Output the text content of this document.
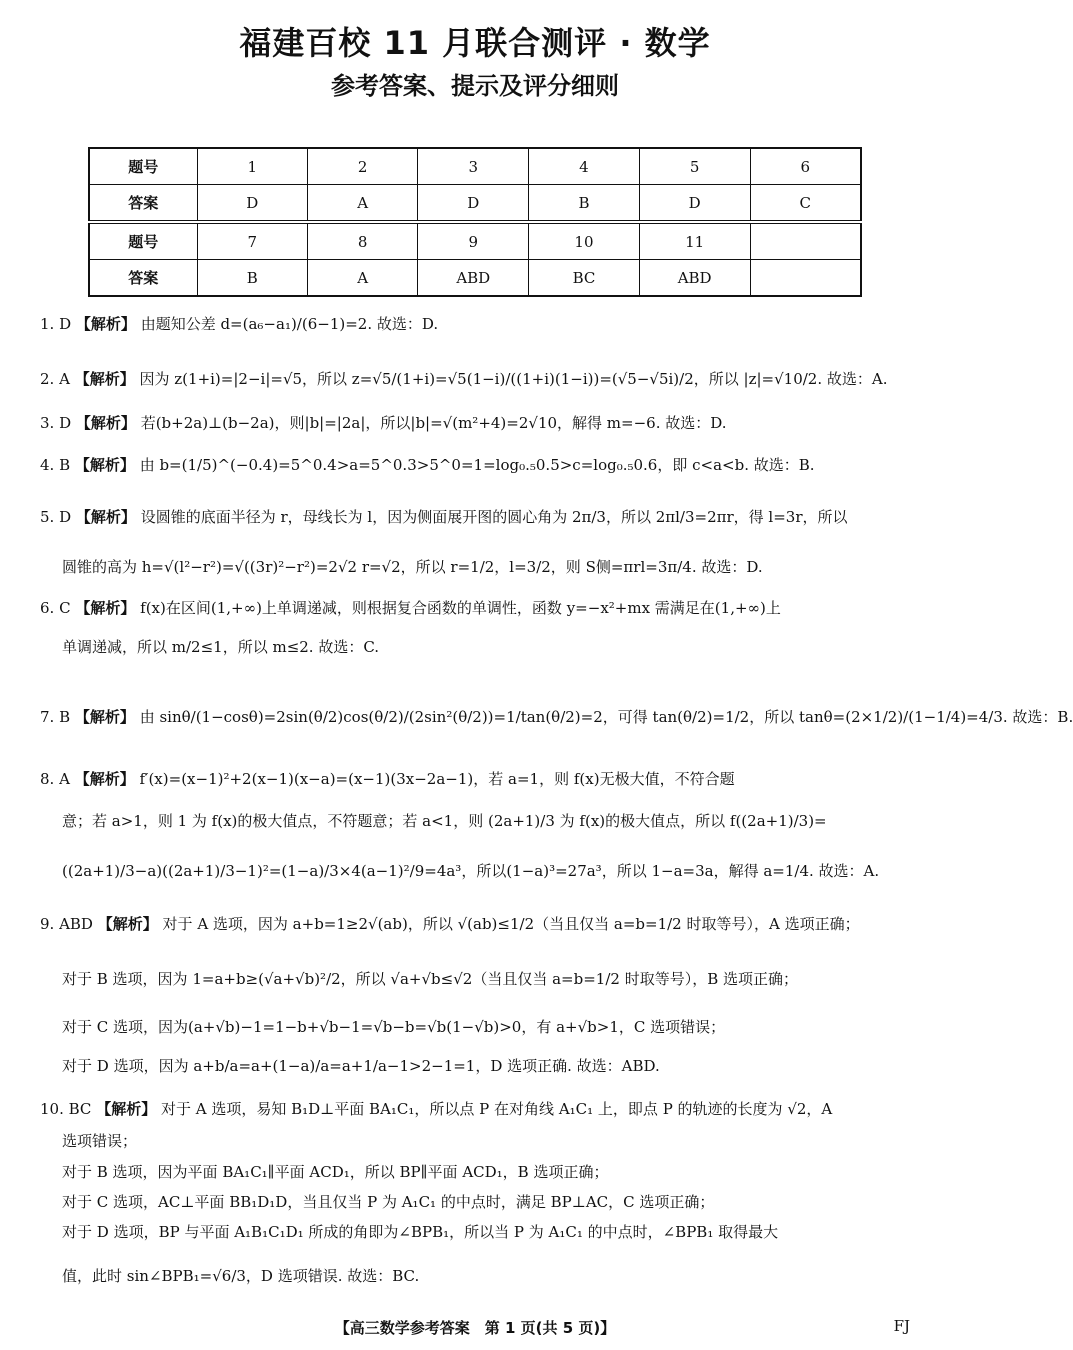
福建百校 11 月联合测评 · 数学
参考答案、提示及评分细则
题号	1	2	3	4	5	6
答案	D	A	D	B	D	C
题号	7	8	9	10	11	
答案	B	A	ABD	BC	ABD	
1. D 【解析】 由题知公差 d=(a₆−a₁)/(6−1)=2. 故选：D.
2. A 【解析】 因为 z(1+i)=|2−i|=√5，所以 z=√5/(1+i)=√5(1−i)/((1+i)(1−i))=(√5−√5i)/2，所以 |z|=√10/2. 故选：A.
3. D 【解析】 若(b+2a)⊥(b−2a)，则|b|=|2a|，所以|b|=√(m²+4)=2√10，解得 m=−6. 故选：D.
4. B 【解析】 由 b=(1/5)^(−0.4)=5^0.4>a=5^0.3>5^0=1=log₀.₅0.5>c=log₀.₅0.6，即 c<a<b. 故选：B.
5. D 【解析】 设圆锥的底面半径为 r，母线长为 l，因为侧面展开图的圆心角为 2π/3，所以 2πl/3=2πr，得 l=3r，所以
圆锥的高为 h=√(l²−r²)=√((3r)²−r²)=2√2 r=√2，所以 r=1/2，l=3/2，则 S侧=πrl=3π/4. 故选：D.
6. C 【解析】 f(x)在区间(1,+∞)上单调递减，则根据复合函数的单调性，函数 y=−x²+mx 需满足在(1,+∞)上
单调递减，所以 m/2≤1，所以 m≤2. 故选：C.
7. B 【解析】 由 sinθ/(1−cosθ)=2sin(θ/2)cos(θ/2)/(2sin²(θ/2))=1/tan(θ/2)=2，可得 tan(θ/2)=1/2，所以 tanθ=(2×1/2)/(1−1/4)=4/3. 故选：B.
8. A 【解析】 f′(x)=(x−1)²+2(x−1)(x−a)=(x−1)(3x−2a−1)，若 a=1，则 f(x)无极大值，不符合题
意；若 a>1，则 1 为 f(x)的极大值点，不符题意；若 a<1，则 (2a+1)/3 为 f(x)的极大值点，所以 f((2a+1)/3)=
((2a+1)/3−a)((2a+1)/3−1)²=(1−a)/3×4(a−1)²/9=4a³，所以(1−a)³=27a³，所以 1−a=3a，解得 a=1/4. 故选：A.
9. ABD 【解析】 对于 A 选项，因为 a+b=1≥2√(ab)，所以 √(ab)≤1/2（当且仅当 a=b=1/2 时取等号），A 选项正确；
对于 B 选项，因为 1=a+b≥(√a+√b)²/2，所以 √a+√b≤√2（当且仅当 a=b=1/2 时取等号），B 选项正确；
对于 C 选项，因为(a+√b)−1=1−b+√b−1=√b−b=√b(1−√b)>0，有 a+√b>1，C 选项错误；
对于 D 选项，因为 a+b/a=a+(1−a)/a=a+1/a−1>2−1=1，D 选项正确. 故选：ABD.
10. BC 【解析】 对于 A 选项，易知 B₁D⊥平面 BA₁C₁，所以点 P 在对角线 A₁C₁ 上，即点 P 的轨迹的长度为 √2，A
选项错误；
对于 B 选项，因为平面 BA₁C₁∥平面 ACD₁，所以 BP∥平面 ACD₁，B 选项正确；
对于 C 选项，AC⊥平面 BB₁D₁D，当且仅当 P 为 A₁C₁ 的中点时，满足 BP⊥AC，C 选项正确；
对于 D 选项，BP 与平面 A₁B₁C₁D₁ 所成的角即为∠BPB₁，所以当 P 为 A₁C₁ 的中点时，∠BPB₁ 取得最大
值，此时 sin∠BPB₁=√6/3，D 选项错误. 故选：BC.
【高三数学参考答案　第 1 页(共 5 页)】	FJ
